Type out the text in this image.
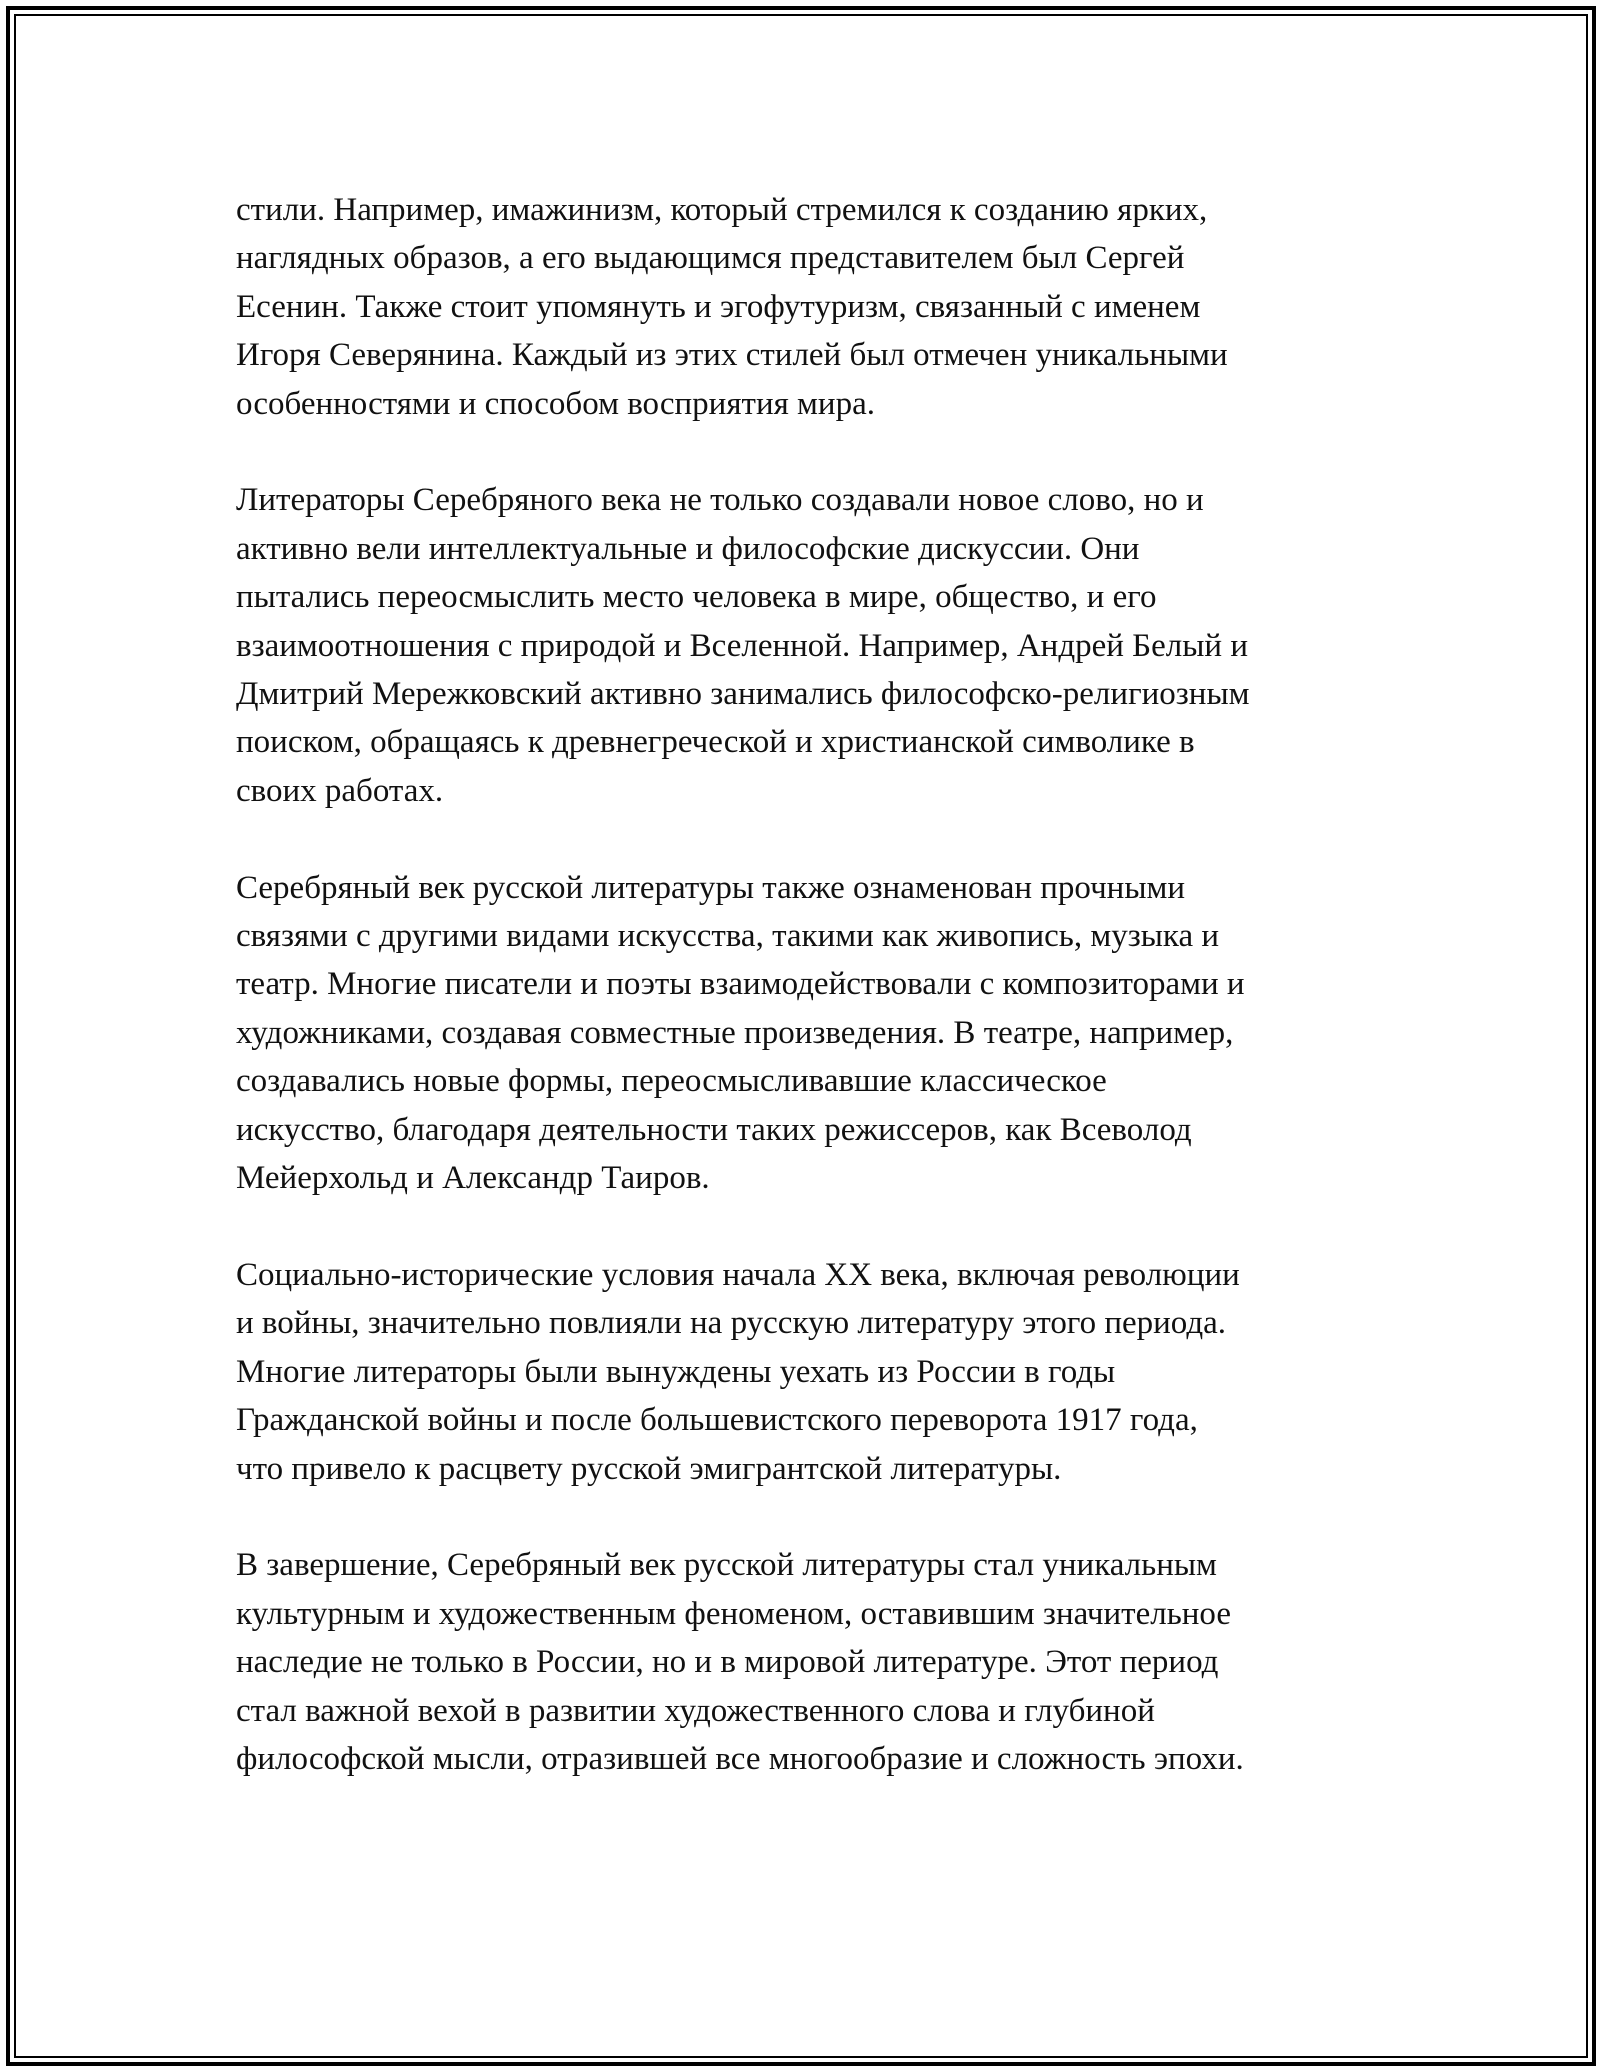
стили. Например, имажинизм, который стремился к созданию ярких,
наглядных образов, а его выдающимся представителем был Сергей
Есенин. Также стоит упомянуть и эгофутуризм, связанный с именем
Игоря Северянина. Каждый из этих стилей был отмечен уникальными
особенностями и способом восприятия мира.
Литераторы Серебряного века не только создавали новое слово, но и
активно вели интеллектуальные и философские дискуссии. Они
пытались переосмыслить место человека в мире, общество, и его
взаимоотношения с природой и Вселенной. Например, Андрей Белый и
Дмитрий Мережковский активно занимались философско-религиозным
поиском, обращаясь к древнегреческой и христианской символике в
своих работах.
Серебряный век русской литературы также ознаменован прочными
связями с другими видами искусства, такими как живопись, музыка и
театр. Многие писатели и поэты взаимодействовали с композиторами и
художниками, создавая совместные произведения. В театре, например,
создавались новые формы, переосмысливавшие классическое
искусство, благодаря деятельности таких режиссеров, как Всеволод
Мейерхольд и Александр Таиров.
Социально-исторические условия начала XX века, включая революции
и войны, значительно повлияли на русскую литературу этого периода.
Многие литераторы были вынуждены уехать из России в годы
Гражданской войны и после большевистского переворота 1917 года,
что привело к расцвету русской эмигрантской литературы.
В завершение, Серебряный век русской литературы стал уникальным
культурным и художественным феноменом, оставившим значительное
наследие не только в России, но и в мировой литературе. Этот период
стал важной вехой в развитии художественного слова и глубиной
философской мысли, отразившей все многообразие и сложность эпохи.
